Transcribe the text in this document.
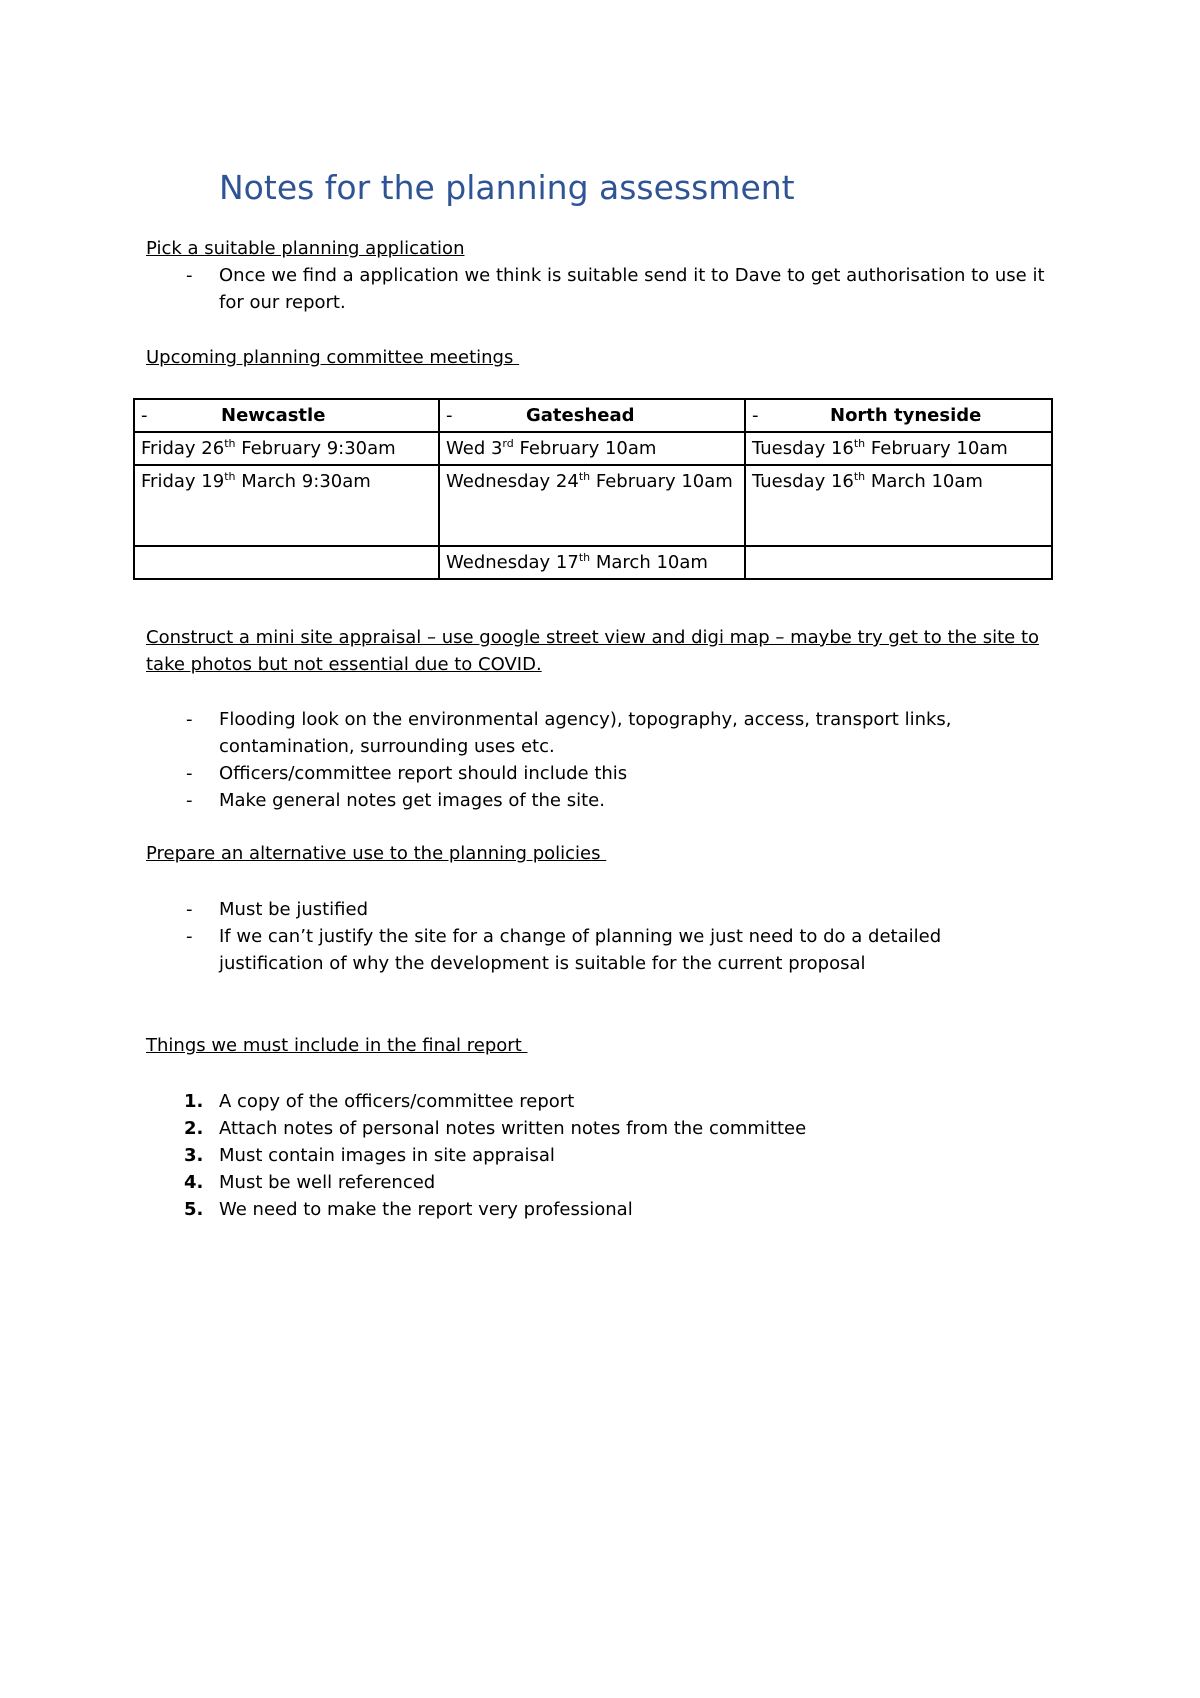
Notes for the planning assessment
Pick a suitable planning application
- Once we find a application we think is suitable send it to Dave to get authorisation to use it for our report.
Upcoming planning committee meetings
- Newcastle	- Gateshead	- North tyneside
Friday 26th February 9:30am	Wed 3rd February 10am	Tuesday 16th February 10am
Friday 19th March 9:30am	Wednesday 24th February 10am	Tuesday 16th March 10am
	Wednesday 17th March 10am	
Construct a mini site appraisal – use google street view and digi map – maybe try get to the site to take photos but not essential due to COVID.
- Flooding look on the environmental agency), topography, access, transport links, contamination, surrounding uses etc.
- Officers/committee report should include this
- Make general notes get images of the site.
Prepare an alternative use to the planning policies
- Must be justified
- If we can’t justify the site for a change of planning we just need to do a detailed justification of why the development is suitable for the current proposal
Things we must include in the final report
1. A copy of the officers/committee report
2. Attach notes of personal notes written notes from the committee
3. Must contain images in site appraisal
4. Must be well referenced
5. We need to make the report very professional
